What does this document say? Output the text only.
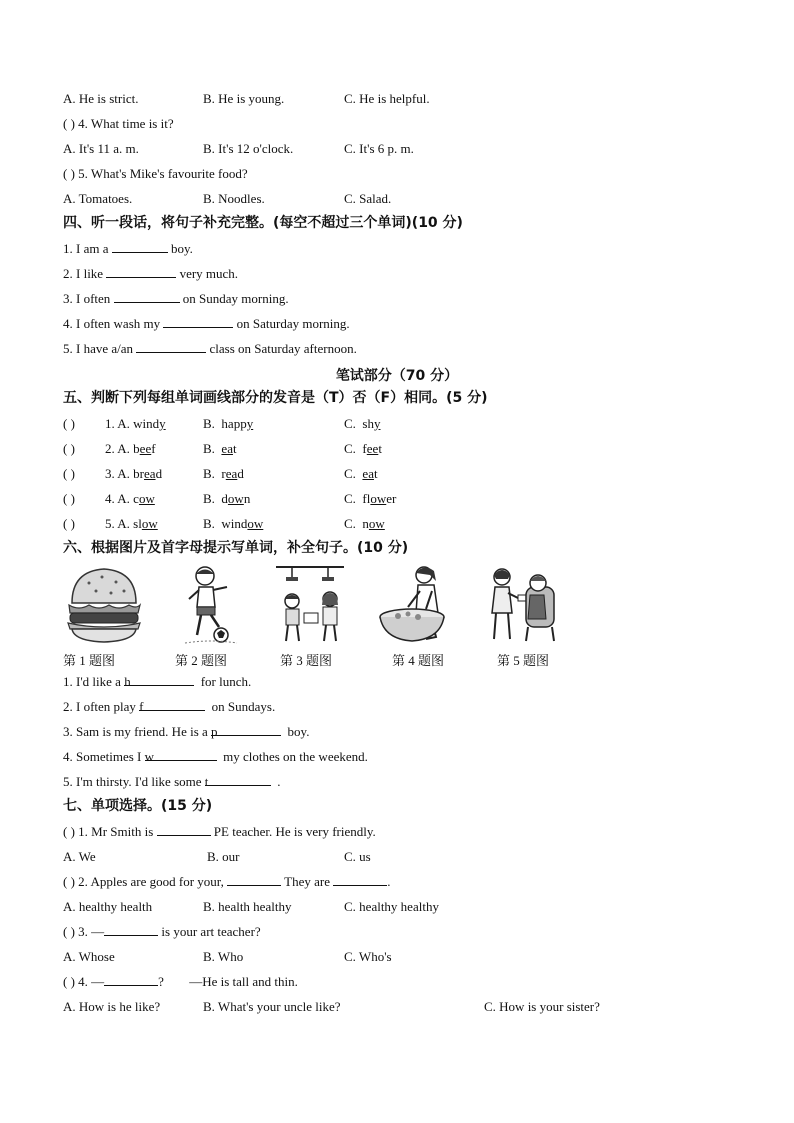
A. He is strict.	B. He is young.	C. He is helpful.
( ) 4. What time is it?
A. It's 11 a. m.	B. It's 12 o'clock.	C. It's 6 p. m.
( ) 5. What's Mike's favourite food?
A. Tomatoes.	B. Noodles.	C. Salad.
四、听一段话，将句子补充完整。(每空不超过三个单词)(10 分)
1. I am a	boy.
2. I like	very much.
3. I often	on Sunday morning.
4. I often wash my	on Saturday morning.
5. I have a/an	class on Saturday afternoon.
笔试部分（70 分）
五、判断下列每组单词画线部分的发音是（T）否（F）相同。(5 分)
( ) 1. A. windy	B. happy	C. shy
( ) 2. A. beef	B. eat	C. feet
( ) 3. A. bread	B. read	C. eat
( ) 4. A. cow	B. down	C. flower
( ) 5. A. slow	B. window	C. now
六、根据图片及首字母提示写单词，补全句子。(10 分)
第 1 题图	第 2 题图	第 3 题图	第 4 题图	第 5 题图
1. I'd like a h	for lunch.
2. I often play f	on Sundays.
3. Sam is my friend. He is a p	boy.
4. Sometimes I w	my clothes on the weekend.
5. I'm thirsty. I'd like some t	.
七、单项选择。(15 分)
( ) 1. Mr Smith is	PE teacher. He is very friendly.
A. We	B. our	C. us
( ) 2. Apples are good for your,	They are	.
A. healthy health	B. health healthy	C. healthy healthy
( ) 3. —	is your art teacher?
A. Whose	B. Who	C. Who's
( ) 4. —	? —He is tall and thin.
A. How is he like?	B. What's your uncle like?	C. How is your sister?
